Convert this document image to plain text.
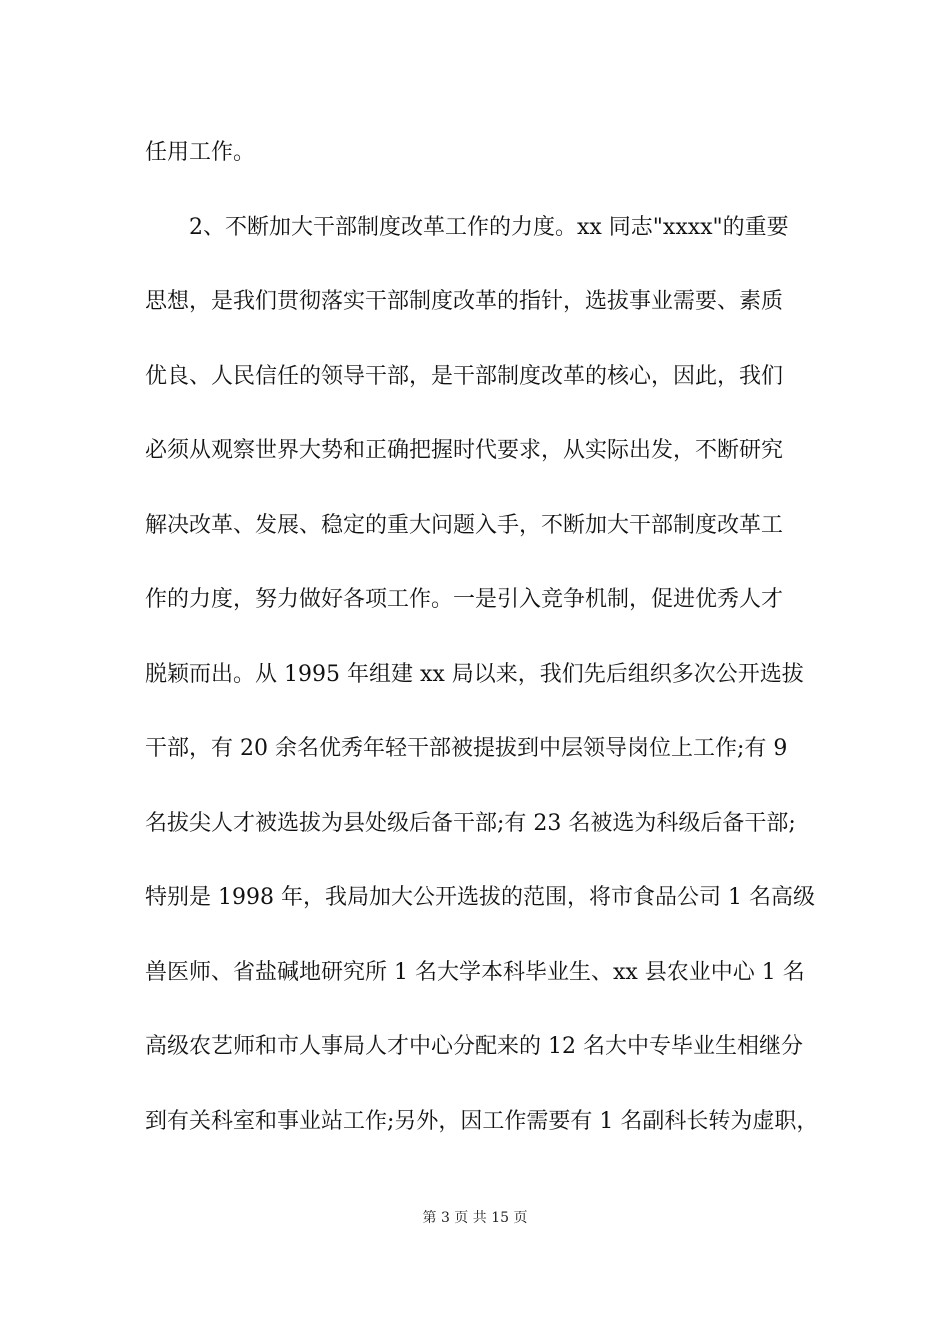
任用工作。
2、不断加大干部制度改革工作的力度。xx 同志"xxxx"的重要
思想，是我们贯彻落实干部制度改革的指针，选拔事业需要、素质
优良、人民信任的领导干部，是干部制度改革的核心，因此，我们
必须从观察世界大势和正确把握时代要求，从实际出发，不断研究
解决改革、发展、稳定的重大问题入手，不断加大干部制度改革工
作的力度，努力做好各项工作。一是引入竞争机制，促进优秀人才
脱颖而出。从 1995 年组建 xx 局以来，我们先后组织多次公开选拔
干部，有 20 余名优秀年轻干部被提拔到中层领导岗位上工作;有 9
名拔尖人才被选拔为县处级后备干部;有 23 名被选为科级后备干部;
特别是 1998 年，我局加大公开选拔的范围，将市食品公司 1 名高级
兽医师、省盐碱地研究所 1 名大学本科毕业生、xx 县农业中心 1 名
高级农艺师和市人事局人才中心分配来的 12 名大中专毕业生相继分
到有关科室和事业站工作;另外，因工作需要有 1 名副科长转为虚职，
第 3 页 共 15 页
